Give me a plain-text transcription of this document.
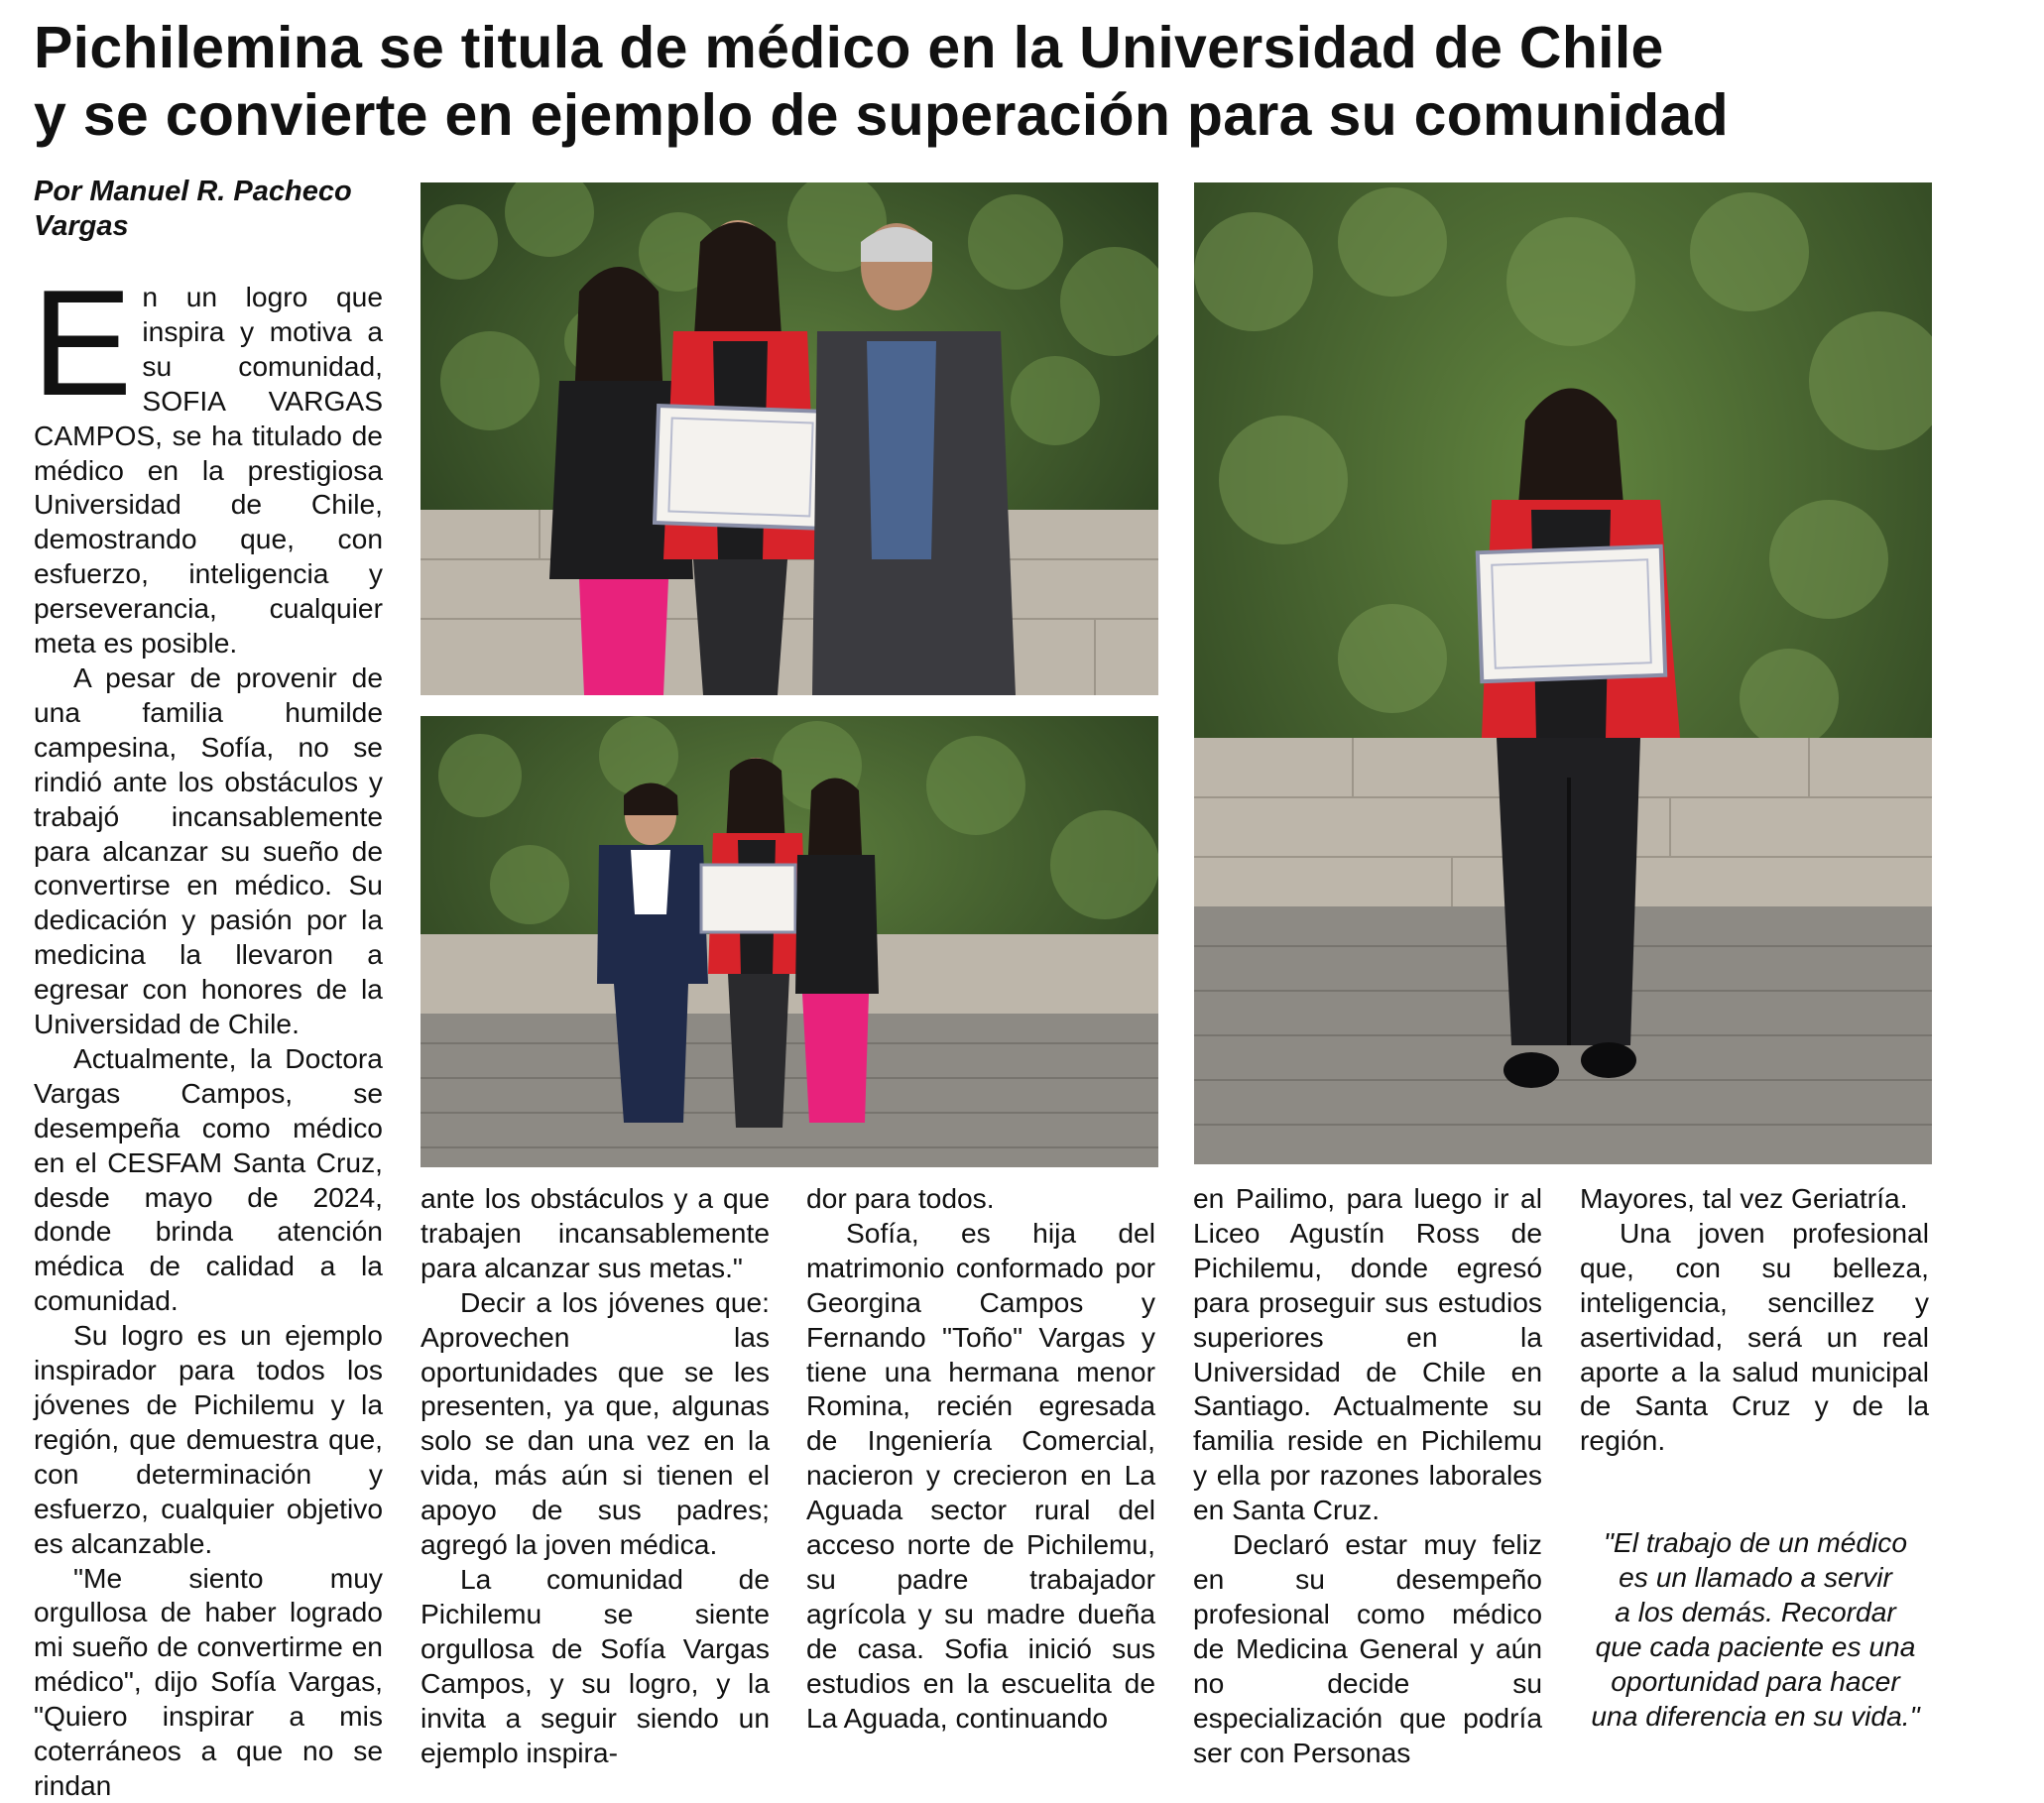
Pichilemina se titula de médico en la Universidad de Chile
y se convierte en ejemplo de superación para su comunidad
Por Manuel R. Pacheco
Vargas

En un logro que inspira y motiva a su comunidad, SOFIA VARGAS CAMPOS, se ha titulado de médico en la prestigiosa Universidad de Chile, demostrando que, con esfuerzo, inteligencia y perseverancia, cualquier meta es posible.

A pesar de provenir de una familia humilde campesina, Sofía, no se rindió ante los obstáculos y trabajó incansablemente para alcanzar su sueño de convertirse en médico. Su dedicación y pasión por la medicina la llevaron a egresar con honores de la Universidad de Chile.

Actualmente, la Doctora Vargas Campos, se desempeña como médico en el CESFAM Santa Cruz, desde mayo de 2024, donde brinda atención médica de calidad a la comunidad.

Su logro es un ejemplo inspirador para todos los jóvenes de Pichilemu y la región, que demuestra que, con determinación y esfuerzo, cualquier objetivo es alcanzable.

"Me siento muy orgullosa de haber logrado mi sueño de convertirme en médico", dijo Sofía Vargas, "Quiero inspirar a mis coterráneos a que no se rindan

ante los obstáculos y a que trabajen incansablemente para alcanzar sus metas."

Decir a los jóvenes que: Aprovechen las oportunidades que se les presenten, ya que, algunas solo se dan una vez en la vida, más aún si tienen el apoyo de sus padres; agregó la joven médica.

La comunidad de Pichilemu se siente orgullosa de Sofía Vargas Campos, y su logro, y la invita a seguir siendo un ejemplo inspira-

dor para todos.

Sofía, es hija del matrimonio conformado por Georgina Campos y Fernando "Toño" Vargas y tiene una hermana menor Romina, recién egresada de Ingeniería Comercial, nacieron y crecieron en La Aguada sector rural del acceso norte de Pichilemu, su padre trabajador agrícola y su madre dueña de casa. Sofia inició sus estudios en la escuelita de La Aguada, continuando

en Pailimo, para luego ir al Liceo Agustín Ross de Pichilemu, donde egresó para proseguir sus estudios superiores en la Universidad de Chile en Santiago. Actualmente su familia reside en Pichilemu y ella por razones laborales en Santa Cruz.

Declaró estar muy feliz en su desempeño profesional como médico de Medicina General y aún no decide su especialización que podría ser con Personas

Mayores, tal vez Geriatría.

Una joven profesional que, con su belleza, inteligencia, sencillez y asertividad, será un real aporte a la salud municipal de Santa Cruz y de la región.

"El trabajo de un médico
es un llamado a servir
a los demás. Recordar
que cada paciente es una
oportunidad para hacer
una diferencia en su vida."
